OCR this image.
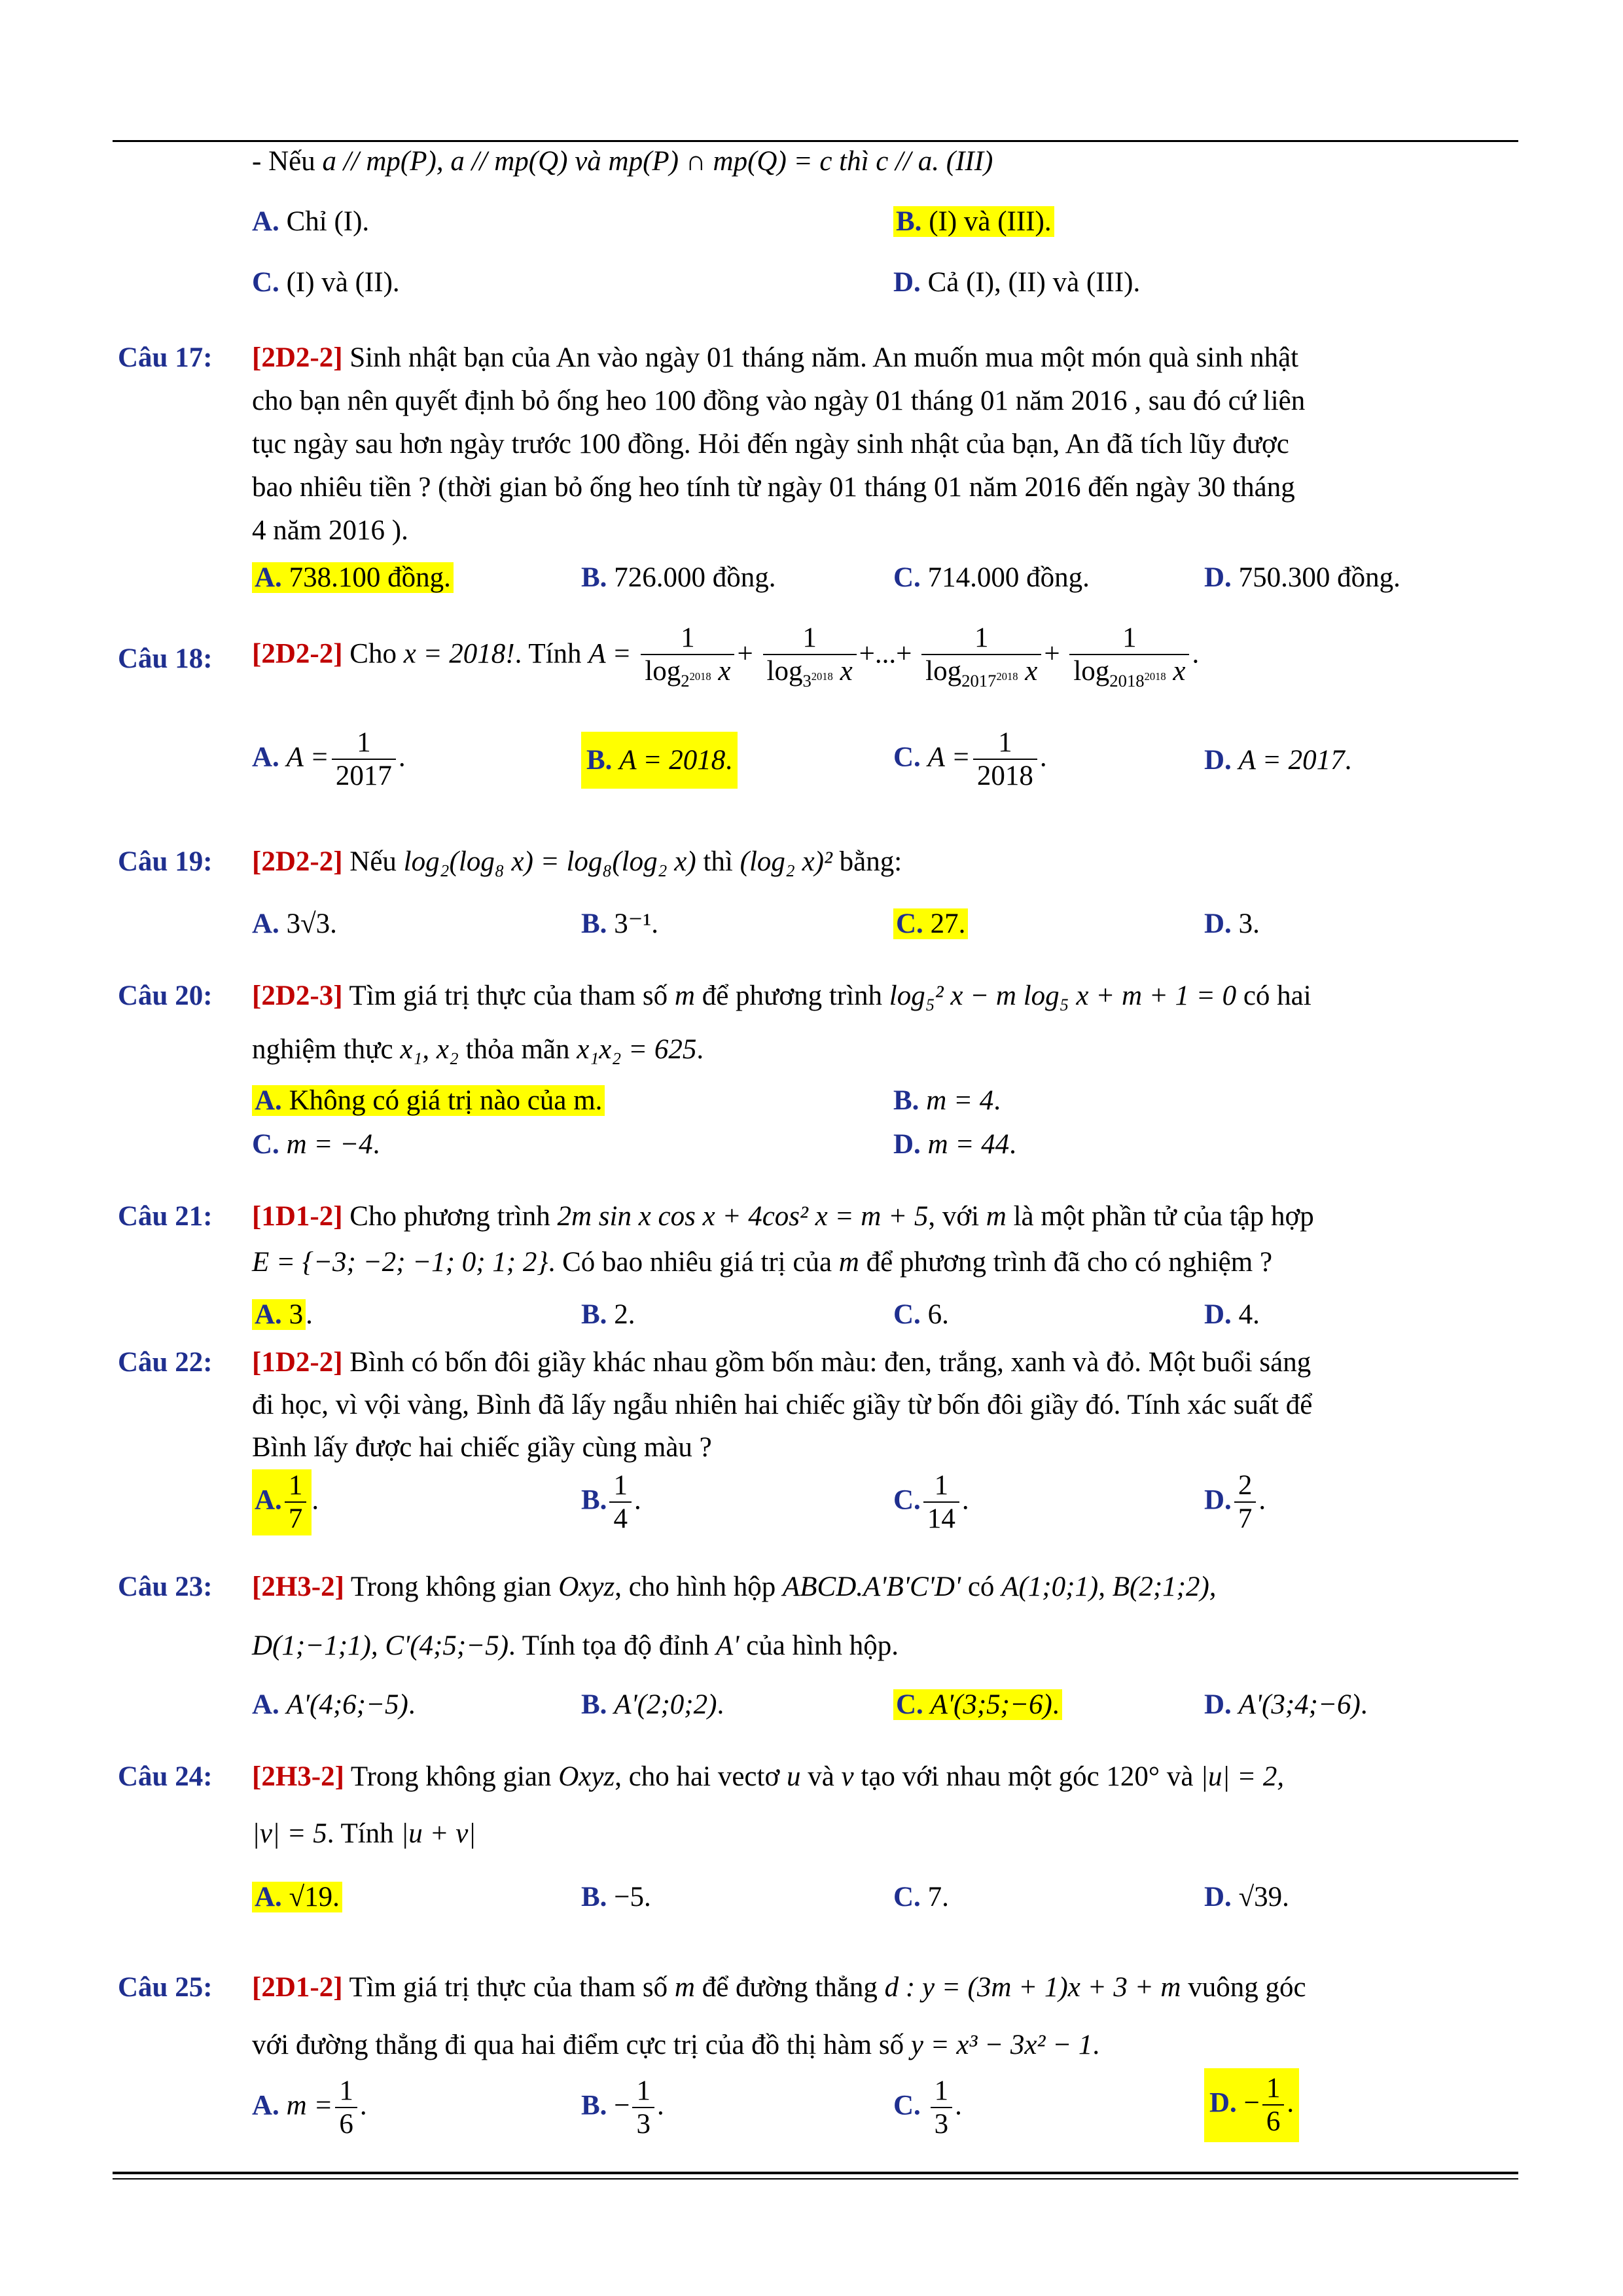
- Nếu a // mp(P), a // mp(Q) và mp(P) ∩ mp(Q) = c thì c // a. (III)
A. Chỉ (I).	B. (I) và (III).
C. (I) và (II).	D. Cả (I), (II) và (III).
Câu 17: [2D2-2] Sinh nhật bạn của An vào ngày 01 tháng năm. An muốn mua một món quà sinh nhật
cho bạn nên quyết định bỏ ống heo 100 đồng vào ngày 01 tháng 01 năm 2016 , sau đó cứ liên
tục ngày sau hơn ngày trước 100 đồng. Hỏi đến ngày sinh nhật của bạn, An đã tích lũy được
bao nhiêu tiền ? (thời gian bỏ ống heo tính từ ngày 01 tháng 01 năm 2016 đến ngày 30 tháng
4 năm 2016 ).
A. 738.100 đồng.	B. 726.000 đồng.	C. 714.000 đồng.	D. 750.300 đồng.
Câu 18: [2D2-2] Cho x = 2018!. Tính $A = \frac{1}{\log_{2^{2018}} x} + \frac{1}{\log_{3^{2018}} x}$ +...+ $\frac{1}{\log_{2017^{2018}} x} + \frac{1}{\log_{2018^{2018}} x}$ .
A. $A = \frac{1}{2017}$ .	B. A = 2018.	C. $A = \frac{1}{2018}$ .	D. A = 2017.
Câu 19: [2D2-2] Nếu log₂(log₈ x) = log₈(log₂ x) thì (log₂ x)² bằng:
A. 3√3.	B. 3⁻¹.	C. 27.	D. 3.
Câu 20: [2D2-3] Tìm giá trị thực của tham số m để phương trình log₅² x − m log₅ x + m + 1 = 0 có hai
nghiệm thực x₁, x₂ thỏa mãn x₁x₂ = 625.
A. Không có giá trị nào của m.	B. m = 4.
C. m = −4.	D. m = 44.
Câu 21: [1D1-2] Cho phương trình 2m sin x cos x + 4cos² x = m + 5, với m là một phần tử của tập hợp
E = {−3; −2; −1; 0; 1; 2}. Có bao nhiêu giá trị của m để phương trình đã cho có nghiệm ?
A. 3.	B. 2.	C. 6.	D. 4.
Câu 22: [1D2-2] Bình có bốn đôi giầy khác nhau gồm bốn màu: đen, trắng, xanh và đỏ. Một buổi sáng
đi học, vì vội vàng, Bình đã lấy ngẫu nhiên hai chiếc giầy từ bốn đôi giầy đó. Tính xác suất để
Bình lấy được hai chiếc giầy cùng màu ?
A. $\frac{1}{7}$ .	B. $\frac{1}{4}$ .	C. $\frac{1}{14}$ .	D. $\frac{2}{7}$ .
Câu 23: [2H3-2] Trong không gian Oxyz, cho hình hộp ABCD.A'B'C'D' có A(1;0;1), B(2;1;2),
D(1;−1;1), C'(4;5;−5). Tính tọa độ đỉnh A' của hình hộp.
A. A'(4;6;−5).	B. A'(2;0;2).	C. A'(3;5;−6).	D. A'(3;4;−6).
Câu 24: [2H3-2] Trong không gian Oxyz, cho hai vectơ u và v tạo với nhau một góc 120° và |u| = 2,
|v| = 5. Tính |u + v|
A. √19.	B. −5.	C. 7.	D. √39.
Câu 25: [2D1-2] Tìm giá trị thực của tham số m để đường thẳng d : y = (3m + 1)x + 3 + m vuông góc
với đường thẳng đi qua hai điểm cực trị của đồ thị hàm số y = x³ − 3x² − 1.
A. $m = \frac{1}{6}$ .	B. − $\frac{1}{3}$ .	C. $\frac{1}{3}$ .	D. − $\frac{1}{6}$ .
